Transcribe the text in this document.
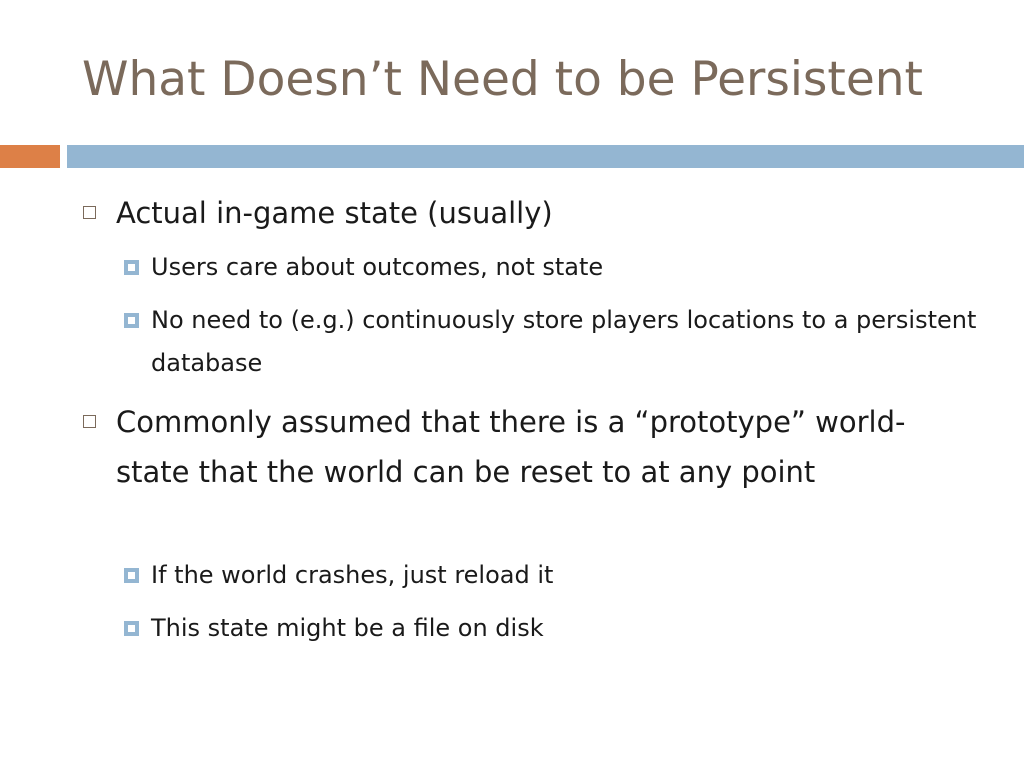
What Doesn’t Need to be Persistent

Actual in-game state (usually)

Users care about outcomes, not state

No need to (e.g.) continuously store players locations to a persistent database

Commonly assumed that there is a “prototype” world-state that the world can be reset to at any point

If the world crashes, just reload it

This state might be a file on disk
